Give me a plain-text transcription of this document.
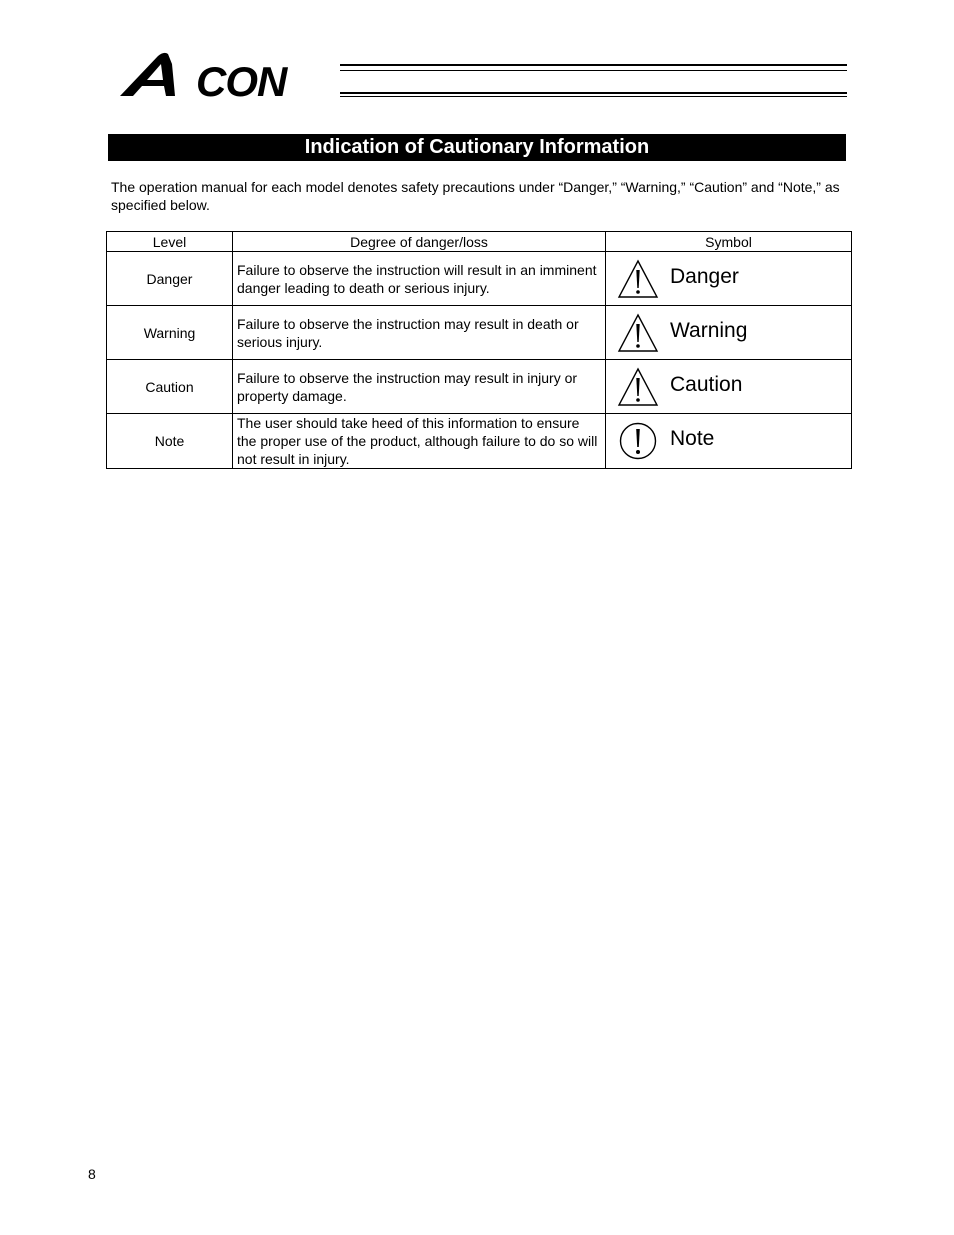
CON
Indication of Cautionary Information
The operation manual for each model denotes safety precautions under “Danger,” “Warning,” “Caution” and “Note,” as specified below.
Level	Degree of danger/loss	Symbol
Danger	Failure to observe the instruction will result in an imminent danger leading to death or serious injury.	Danger

Warning	Failure to observe the instruction may result in death or serious injury.	Warning

Caution	Failure to observe the instruction may result in injury or property damage.	Caution

Note	The user should take heed of this information to ensure the proper use of the product, although failure to do so will not result in injury.	Note
8
